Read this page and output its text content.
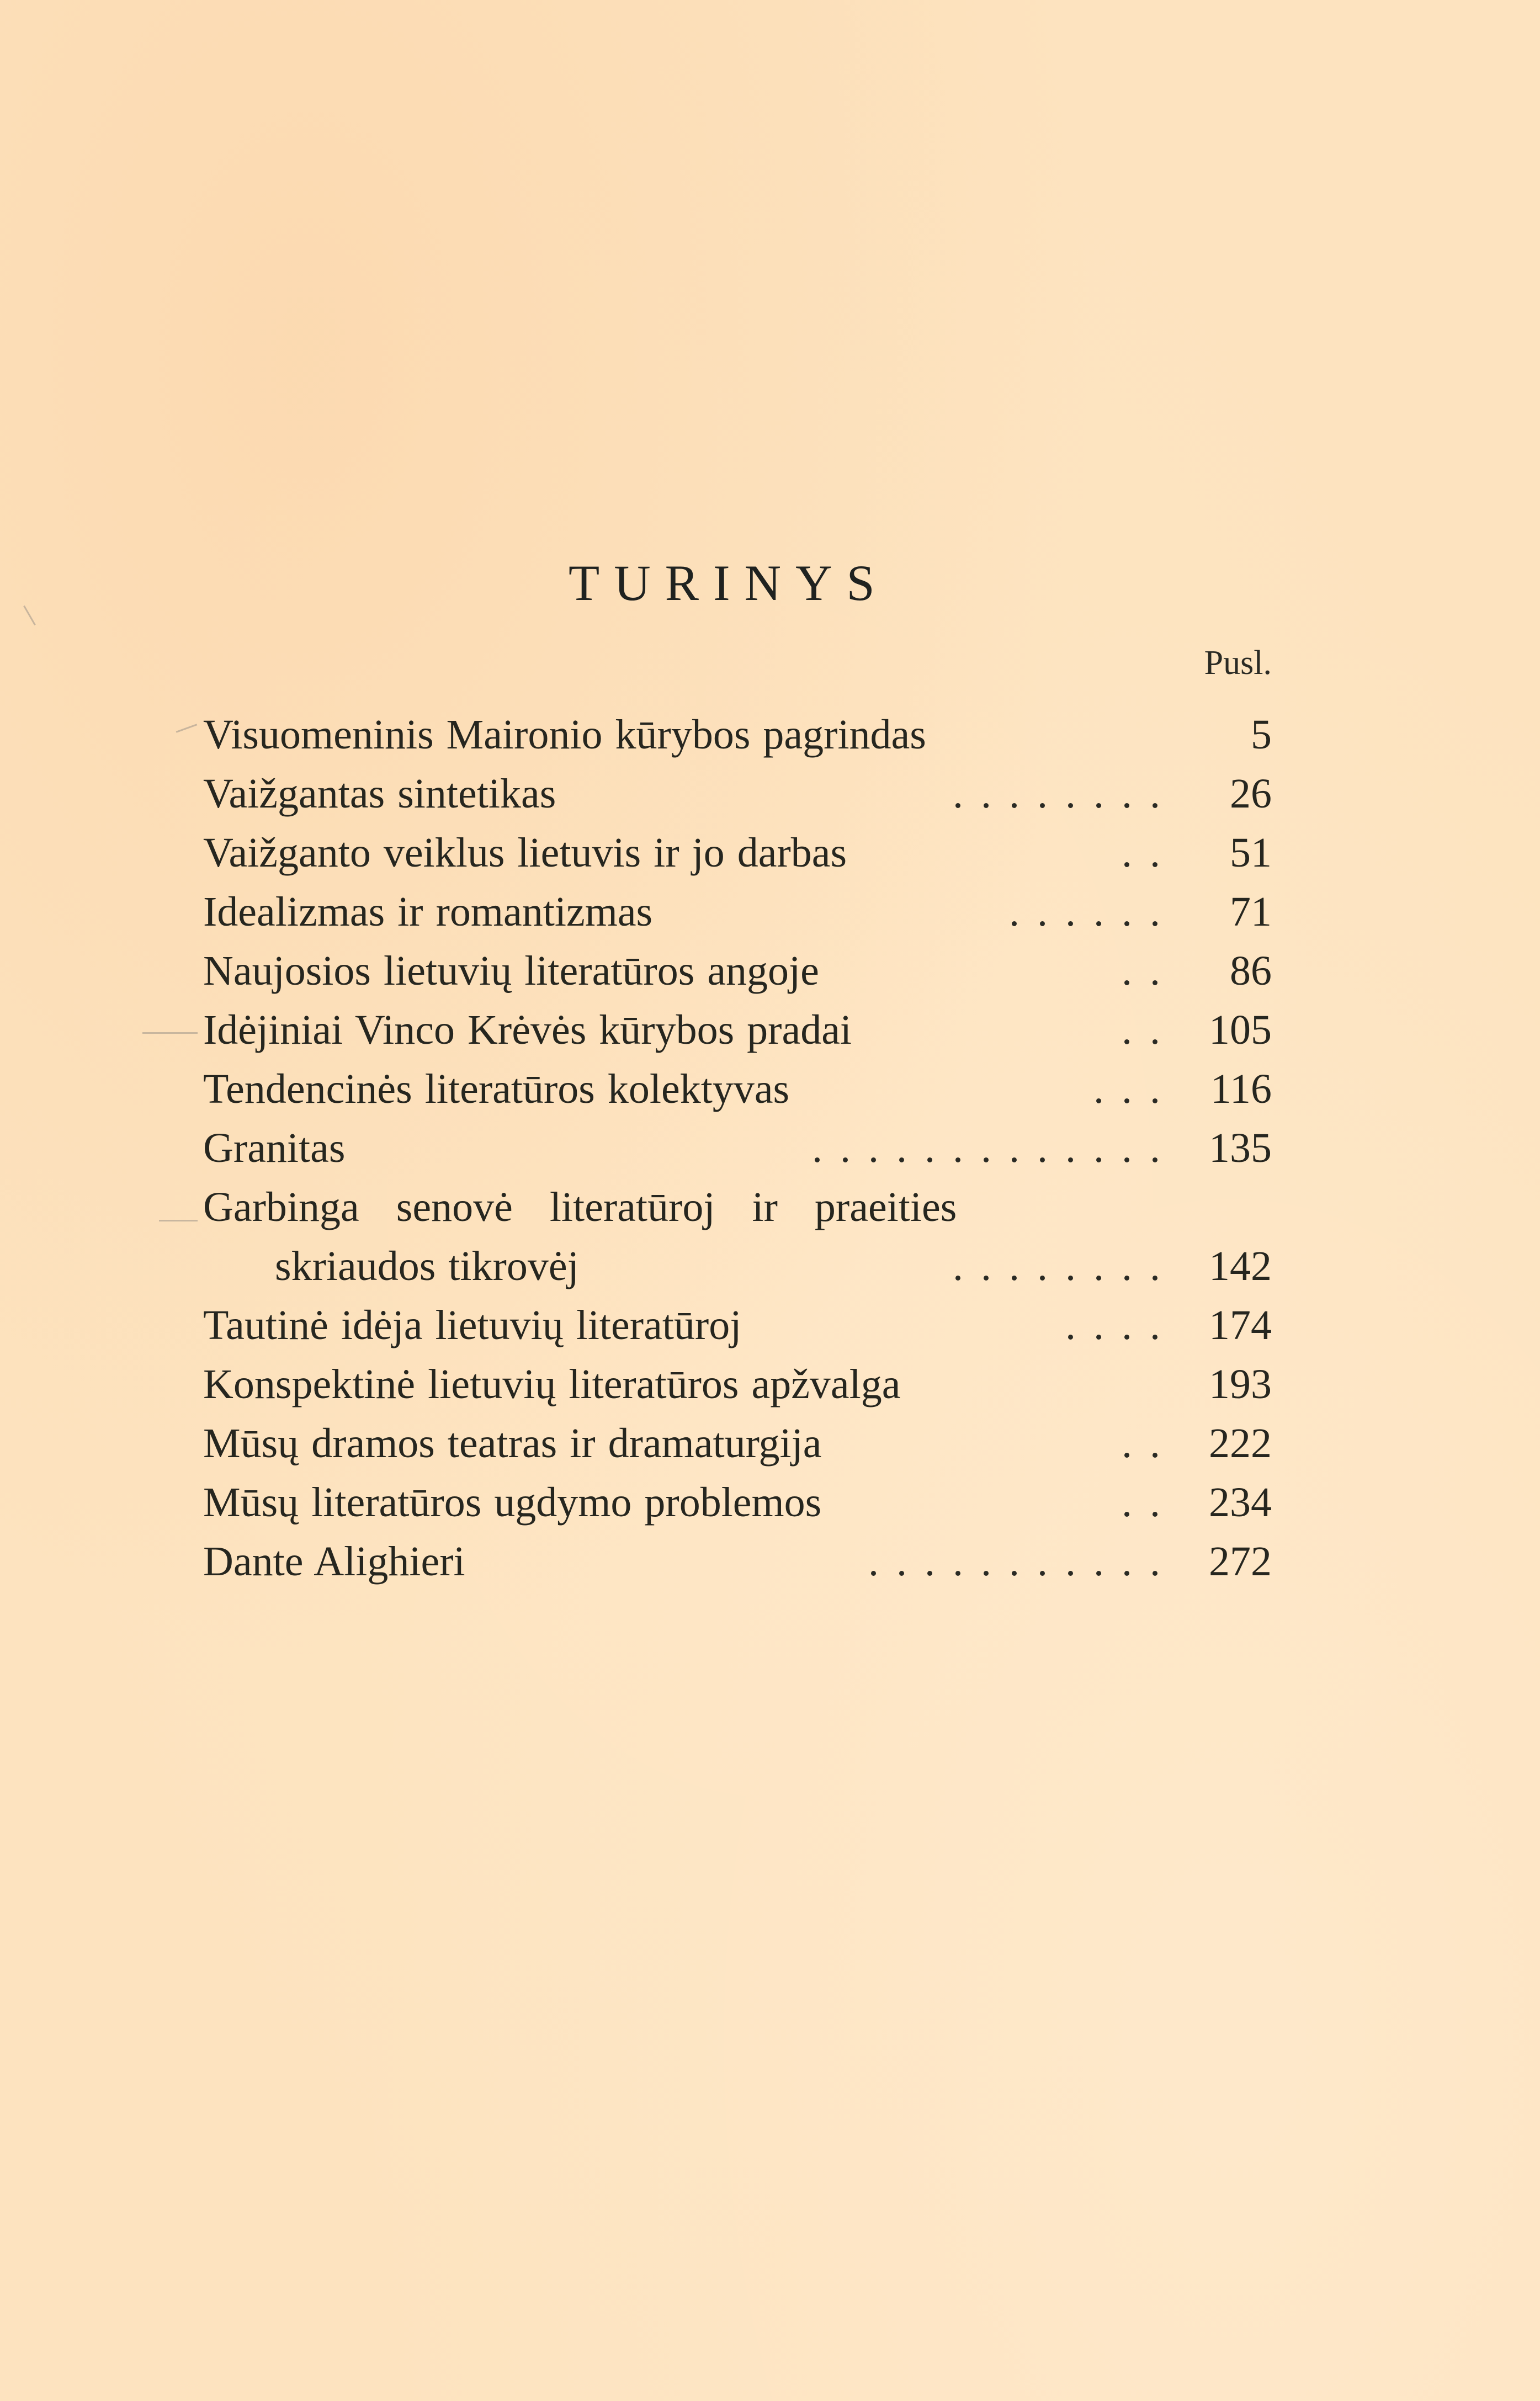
TURINYS
Pusl.
Visuomeninis Maironio kūrybos pagrindas	5
Vaižgantas sintetikas	........	26
Vaižganto veiklus lietuvis ir jo darbas	..	51
Idealizmas ir romantizmas	......	71
Naujosios lietuvių literatūros angoje	..	86
Idėjiniai Vinco Krėvės kūrybos pradai	.. 105
Tendencinės literatūros kolektyvas	... 116
Granitas	............. 135
Garbinga senovė literatūroj ir praeities
skriaudos tikrovėj	........ 142
Tautinė idėja lietuvių literatūroj	.... 174
Konspektinė lietuvių literatūros apžvalga	193
Mūsų dramos teatras ir dramaturgija	.. 222
Mūsų literatūros ugdymo problemos	.. 234
Dante Alighieri	........... 272
